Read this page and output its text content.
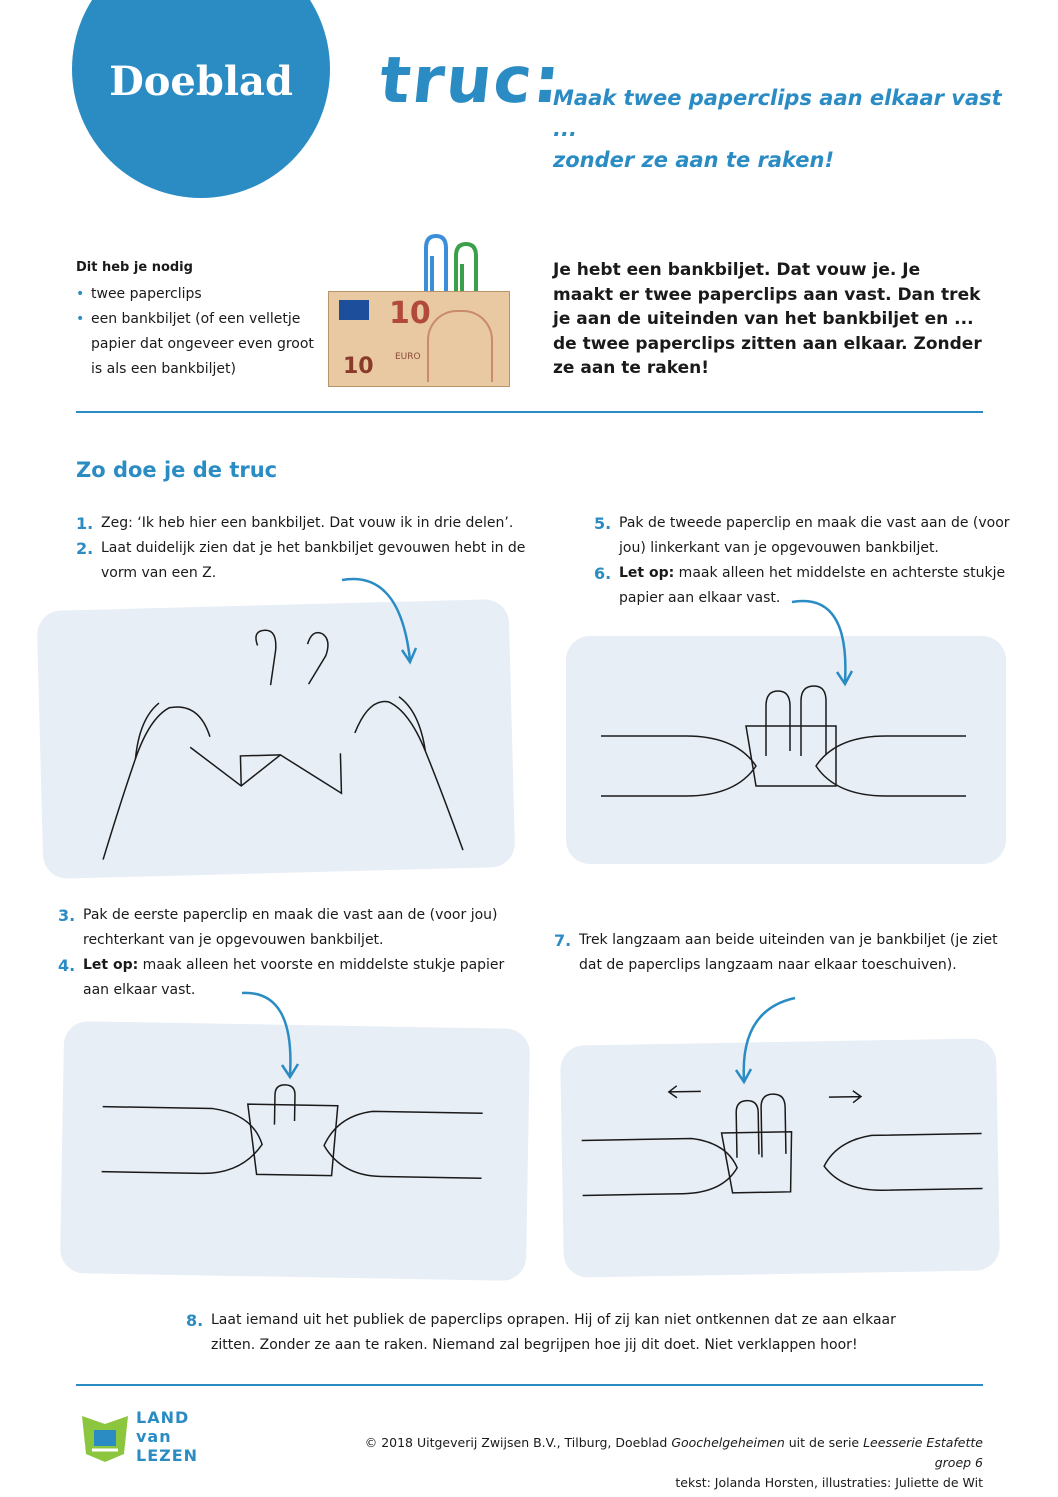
Doeblad	truc:
Maak twee paperclips aan elkaar vast ...
zonder ze aan te raken!
Dit heb je nodig
• twee paperclips
• een bankbiljet (of een velletje papier dat ongeveer even groot is als een bankbiljet)
10
EURO
10
Je hebt een bankbiljet. Dat vouw je. Je maakt er twee paperclips aan vast. Dan trek je aan de uiteinden van het bankbiljet en ... de twee paperclips zitten aan elkaar. Zonder ze aan te raken!
Zo doe je de truc
1. Zeg: ‘Ik heb hier een bankbiljet. Dat vouw ik in drie delen’.
2. Laat duidelijk zien dat je het bankbiljet gevouwen hebt in de vorm van een Z.
5. Pak de tweede paperclip en maak die vast aan de (voor jou) linkerkant van je opgevouwen bankbiljet.
6. Let op: maak alleen het middelste en achterste stukje papier aan elkaar vast.
3. Pak de eerste paperclip en maak die vast aan de (voor jou) rechterkant van je opgevouwen bankbiljet.
4. Let op: maak alleen het voorste en middelste stukje papier aan elkaar vast.
7. Trek langzaam aan beide uiteinden van je bankbiljet (je ziet dat de paperclips langzaam naar elkaar toeschuiven).
8. Laat iemand uit het publiek de paperclips oprapen. Hij of zij kan niet ontkennen dat ze aan elkaar zitten. Zonder ze aan te raken. Niemand zal begrijpen hoe jij dit doet. Niet verklappen hoor!
LAND
van
LEZEN
© 2018 Uitgeverij Zwijsen B.V., Tilburg, Doeblad Goochelgeheimen uit de serie Leesserie Estafette groep 6
tekst: Jolanda Horsten, illustraties: Juliette de Wit
